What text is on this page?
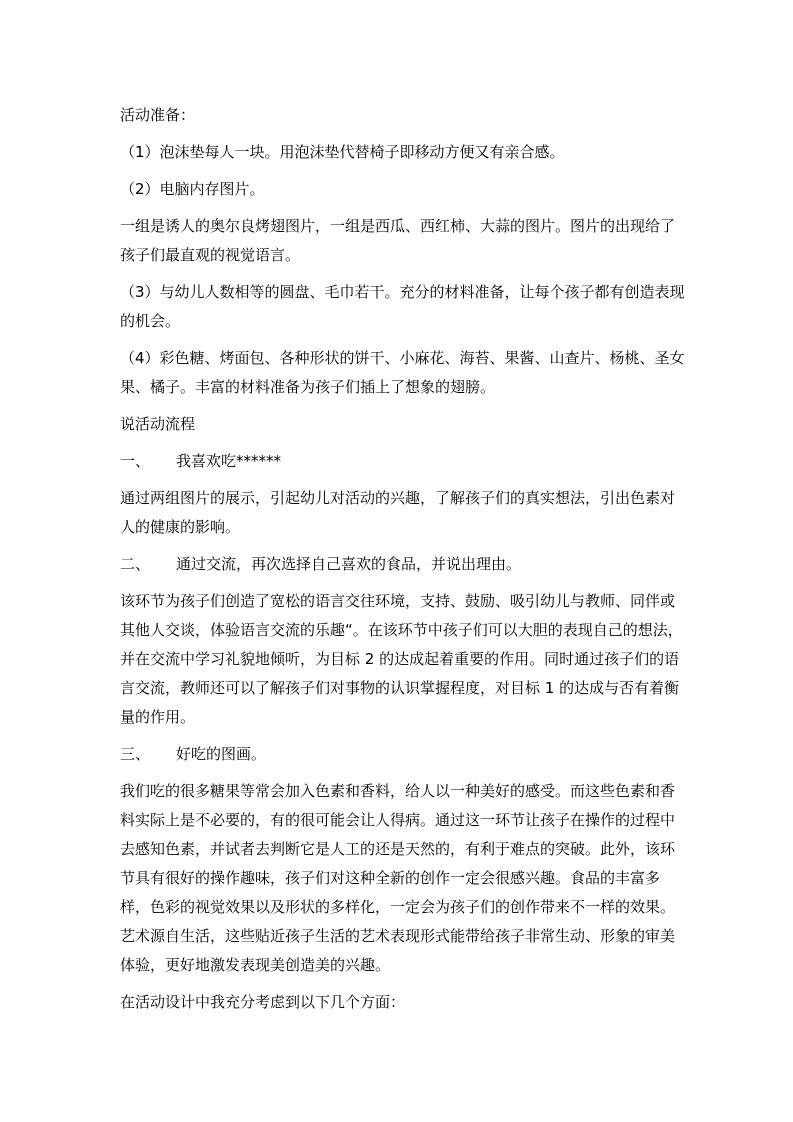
活动准备：

（1）泡沫垫每人一块。用泡沫垫代替椅子即移动方便又有亲合感。

（2）电脑内存图片。

一组是诱人的奥尔良烤翅图片，一组是西瓜、西红柿、大蒜的图片。图片的出现给了孩子们最直观的视觉语言。

（3）与幼儿人数相等的圆盘、毛巾若干。充分的材料准备，让每个孩子都有创造表现的机会。

（4）彩色糖、烤面包、各种形状的饼干、小麻花、海苔、果酱、山查片、杨桃、圣女果、橘子。丰富的材料准备为孩子们插上了想象的翅膀。

说活动流程

一、 我喜欢吃******

通过两组图片的展示，引起幼儿对活动的兴趣，了解孩子们的真实想法，引出色素对人的健康的影响。

二、 通过交流，再次选择自己喜欢的食品，并说出理由。

该环节为孩子们创造了宽松的语言交往环境，支持、鼓励、吸引幼儿与教师、同伴或其他人交谈，体验语言交流的乐趣“。在该环节中孩子们可以大胆的表现自己的想法，并在交流中学习礼貌地倾听，为目标 2 的达成起着重要的作用。同时通过孩子们的语言交流，教师还可以了解孩子们对事物的认识掌握程度，对目标 1 的达成与否有着衡量的作用。

三、 好吃的图画。

我们吃的很多糖果等常会加入色素和香料，给人以一种美好的感受。而这些色素和香料实际上是不必要的，有的很可能会让人得病。通过这一环节让孩子在操作的过程中去感知色素，并试者去判断它是人工的还是天然的，有利于难点的突破。此外，该环节具有很好的操作趣味，孩子们对这种全新的创作一定会很感兴趣。食品的丰富多样，色彩的视觉效果以及形状的多样化，一定会为孩子们的创作带来不一样的效果。艺术源自生活，这些贴近孩子生活的艺术表现形式能带给孩子非常生动、形象的审美体验，更好地激发表现美创造美的兴趣。

在活动设计中我充分考虑到以下几个方面：
